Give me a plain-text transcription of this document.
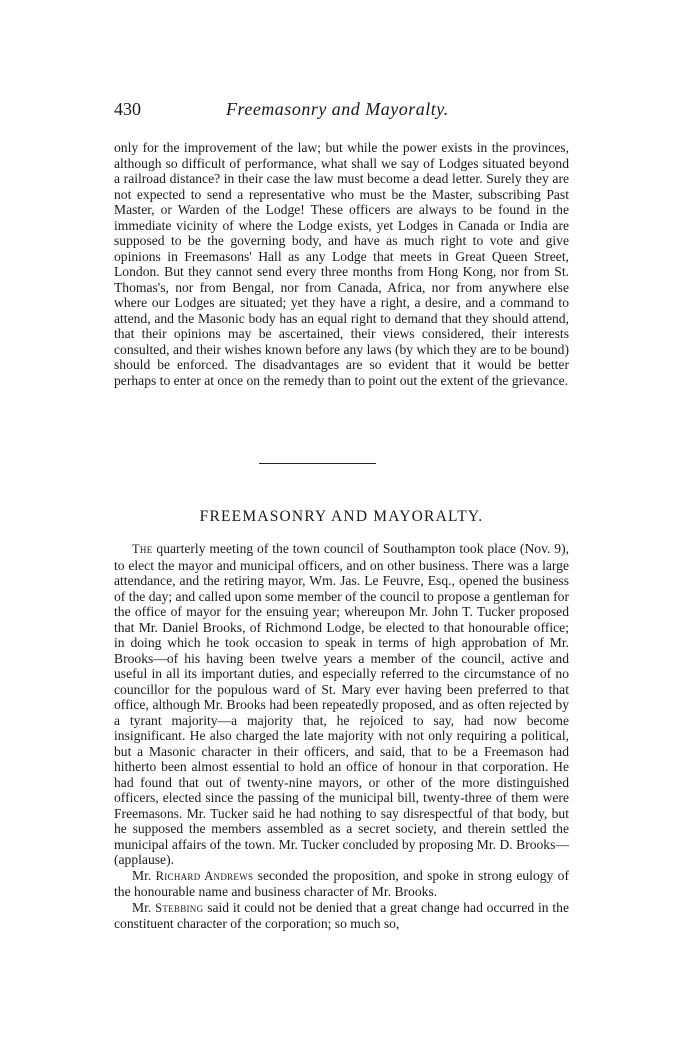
430	Freemasonry and Mayoralty.

only for the improvement of the law; but while the power exists in the provinces, although so difficult of performance, what shall we say of Lodges situated beyond a railroad distance? in their case the law must become a dead letter. Surely they are not expected to send a representative who must be the Master, subscribing Past Master, or Warden of the Lodge! These officers are always to be found in the immediate vicinity of where the Lodge exists, yet Lodges in Canada or India are supposed to be the governing body, and have as much right to vote and give opinions in Freemasons' Hall as any Lodge that meets in Great Queen Street, London. But they cannot send every three months from Hong Kong, nor from St. Thomas's, nor from Bengal, nor from Canada, Africa, nor from anywhere else where our Lodges are situated; yet they have a right, a desire, and a command to attend, and the Masonic body has an equal right to demand that they should attend, that their opinions may be ascertained, their views considered, their interests consulted, and their wishes known before any laws (by which they are to be bound) should be enforced. The disadvantages are so evident that it would be better perhaps to enter at once on the remedy than to point out the extent of the grievance.

FREEMASONRY AND MAYORALTY.

The quarterly meeting of the town council of Southampton took place (Nov. 9), to elect the mayor and municipal officers, and on other business. There was a large attendance, and the retiring mayor, Wm. Jas. Le Feuvre, Esq., opened the business of the day; and called upon some member of the council to propose a gentleman for the office of mayor for the ensuing year; whereupon Mr. John T. Tucker proposed that Mr. Daniel Brooks, of Richmond Lodge, be elected to that honourable office; in doing which he took occasion to speak in terms of high approbation of Mr. Brooks—of his having been twelve years a member of the council, active and useful in all its important duties, and especially referred to the circumstance of no councillor for the populous ward of St. Mary ever having been preferred to that office, although Mr. Brooks had been repeatedly proposed, and as often rejected by a tyrant majority—a majority that, he rejoiced to say, had now become insignificant. He also charged the late majority with not only requiring a political, but a Masonic character in their officers, and said, that to be a Freemason had hitherto been almost essential to hold an office of honour in that corporation. He had found that out of twenty-nine mayors, or other of the more distinguished officers, elected since the passing of the municipal bill, twenty-three of them were Freemasons. Mr. Tucker said he had nothing to say disrespectful of that body, but he supposed the members assembled as a secret society, and therein settled the municipal affairs of the town. Mr. Tucker concluded by proposing Mr. D. Brooks—(applause).

Mr. Richard Andrews seconded the proposition, and spoke in strong eulogy of the honourable name and business character of Mr. Brooks.

Mr. Stebbing said it could not be denied that a great change had occurred in the constituent character of the corporation; so much so,
